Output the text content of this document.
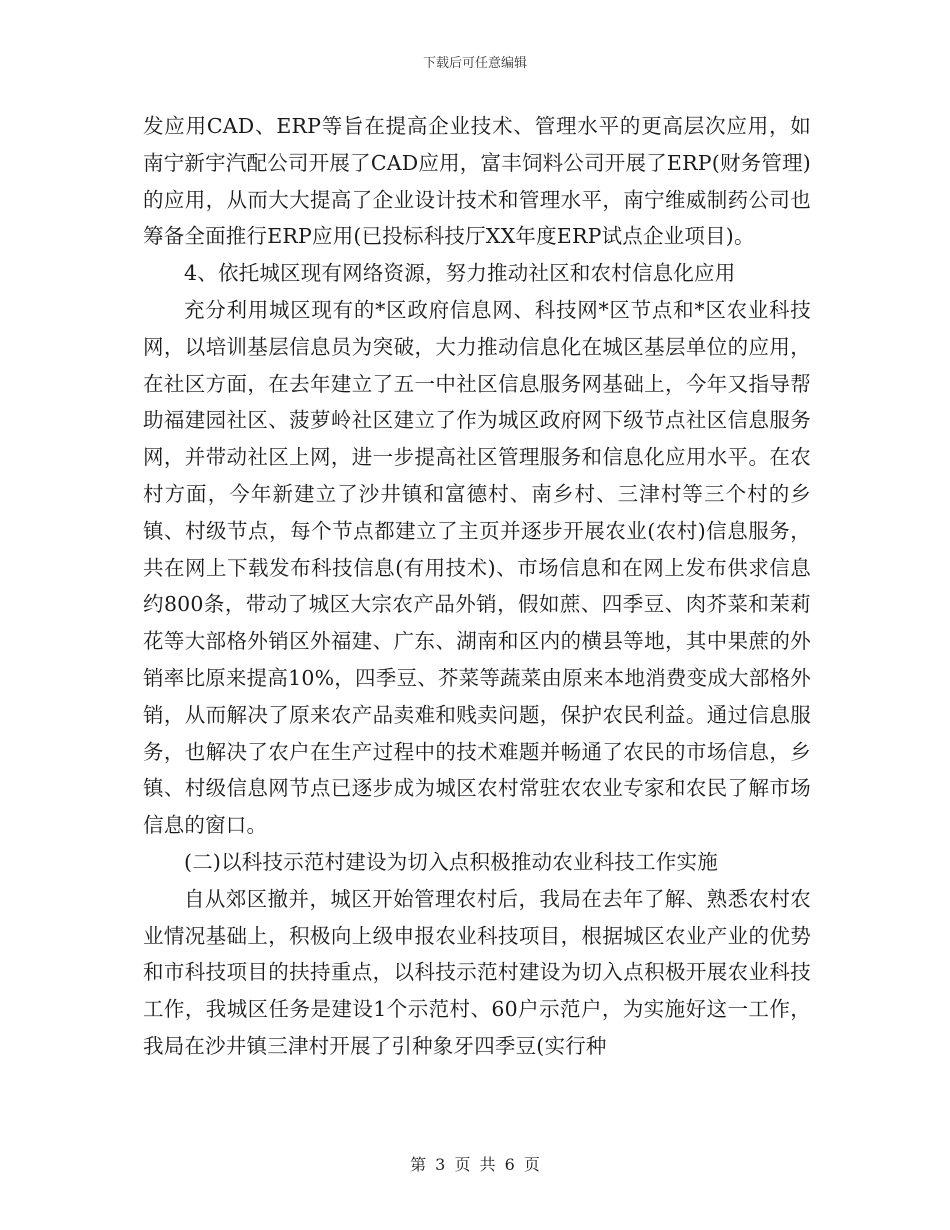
下载后可任意编辑

发应用CAD、ERP等旨在提高企业技术、管理水平的更高层次应用，如南宁新宇汽配公司开展了CAD应用，富丰饲料公司开展了ERP(财务管理)的应用，从而大大提高了企业设计技术和管理水平，南宁维威制药公司也筹备全面推行ERP应用(已投标科技厅XX年度ERP试点企业项目)。

4、依托城区现有网络资源，努力推动社区和农村信息化应用

充分利用城区现有的*区政府信息网、科技网*区节点和*区农业科技网，以培训基层信息员为突破，大力推动信息化在城区基层单位的应用，在社区方面，在去年建立了五一中社区信息服务网基础上，今年又指导帮助福建园社区、菠萝岭社区建立了作为城区政府网下级节点社区信息服务网，并带动社区上网，进一步提高社区管理服务和信息化应用水平。在农村方面，今年新建立了沙井镇和富德村、南乡村、三津村等三个村的乡镇、村级节点，每个节点都建立了主页并逐步开展农业(农村)信息服务，共在网上下载发布科技信息(有用技术)、市场信息和在网上发布供求信息约800条，带动了城区大宗农产品外销，假如蔗、四季豆、肉芥菜和茉莉花等大部格外销区外福建、广东、湖南和区内的横县等地，其中果蔗的外销率比原来提高10%，四季豆、芥菜等蔬菜由原来本地消费变成大部格外销，从而解决了原来农产品卖难和贱卖问题，保护农民利益。通过信息服务，也解决了农户在生产过程中的技术难题并畅通了农民的市场信息，乡镇、村级信息网节点已逐步成为城区农村常驻农农业专家和农民了解市场信息的窗口。

(二)以科技示范村建设为切入点积极推动农业科技工作实施

自从郊区撤并，城区开始管理农村后，我局在去年了解、熟悉农村农业情况基础上，积极向上级申报农业科技项目，根据城区农业产业的优势和市科技项目的扶持重点，以科技示范村建设为切入点积极开展农业科技工作，我城区任务是建设1个示范村、60户示范户，为实施好这一工作，我局在沙井镇三津村开展了引种象牙四季豆(实行种

第 3 页 共 6 页
